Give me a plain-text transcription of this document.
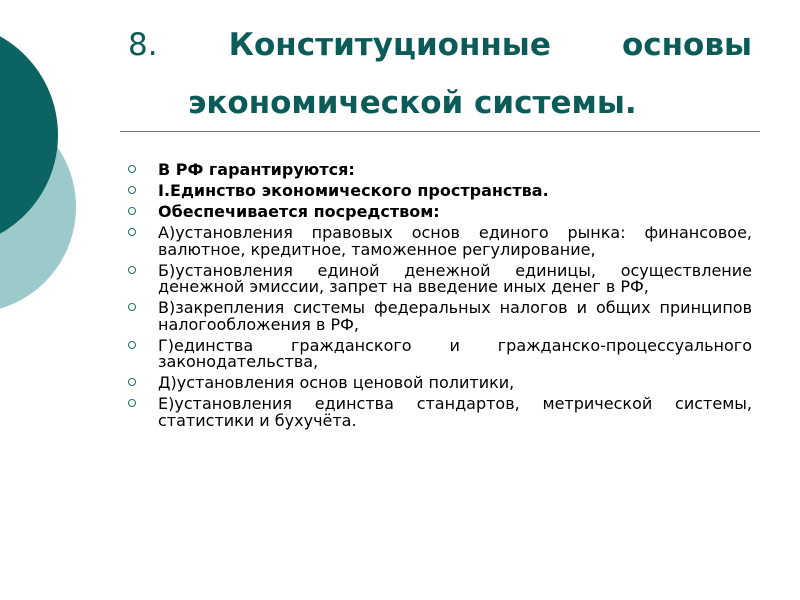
8. Конституционные основы
экономической системы.
В РФ гарантируются:
I.Единство экономического пространства.
Обеспечивается посредством:
А)установления правовых основ единого рынка: финансовое, валютное, кредитное, таможенное регулирование,
Б)установления единой денежной единицы, осуществление денежной эмиссии, запрет на введение иных денег в РФ,
В)закрепления системы федеральных налогов и общих принципов налогообложения в РФ,
Г)единства гражданского и гражданско-процессуального законодательства,
Д)установления основ ценовой политики,
Е)установления единства стандартов, метрической системы, статистики и бухучёта.
